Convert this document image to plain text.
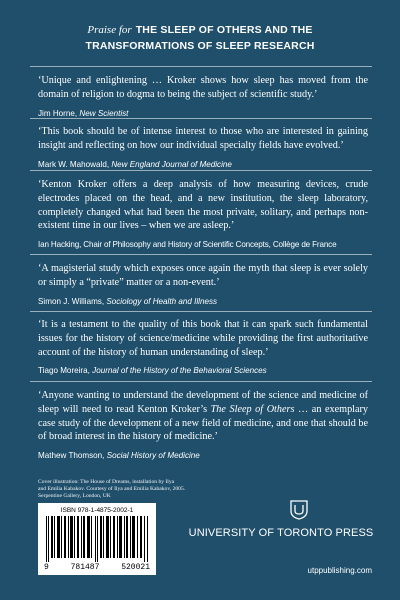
Praise for THE SLEEP OF OTHERS AND THE
TRANSFORMATIONS OF SLEEP RESEARCH
‘Unique and enlightening … Kroker shows how sleep has moved from the domain of religion to dogma to being the subject of scientific study.’
Jim Horne, New Scientist
‘This book should be of intense interest to those who are interested in gaining insight and reflecting on how our individual specialty fields have evolved.’
Mark W. Mahowald, New England Journal of Medicine
‘Kenton Kroker offers a deep analysis of how measuring devices, crude electrodes placed on the head, and a new institution, the sleep laboratory, completely changed what had been the most private, solitary, and perhaps non-existent time in our lives – when we are asleep.’
Ian Hacking, Chair of Philosophy and History of Scientific Concepts, Collège de France
‘A magisterial study which exposes once again the myth that sleep is ever solely or simply a “private” matter or a non-event.’
Simon J. Williams, Sociology of Health and Illness
‘It is a testament to the quality of this book that it can spark such fundamental issues for the history of science/medicine while providing the first authoritative account of the history of human understanding of sleep.’
Tiago Moreira, Journal of the History of the Behavioral Sciences
‘Anyone wanting to understand the development of the science and medicine of sleep will need to read Kenton Kroker’s The Sleep of Others … an exemplary case study of the development of a new field of medicine, and one that should be of broad interest in the history of medicine.’
Mathew Thomson, Social History of Medicine
Cover illustration: The House of Dreams, installation by Ilya
and Emilia Kabakov. Courtesy of Ilya and Emilia Kabakov, 2005.
Serpentine Gallery, London, UK
ISBN 978-1-4875-2002-1
9	781487	520021
UNIVERSITY OF TORONTO PRESS
utppublishing.com
